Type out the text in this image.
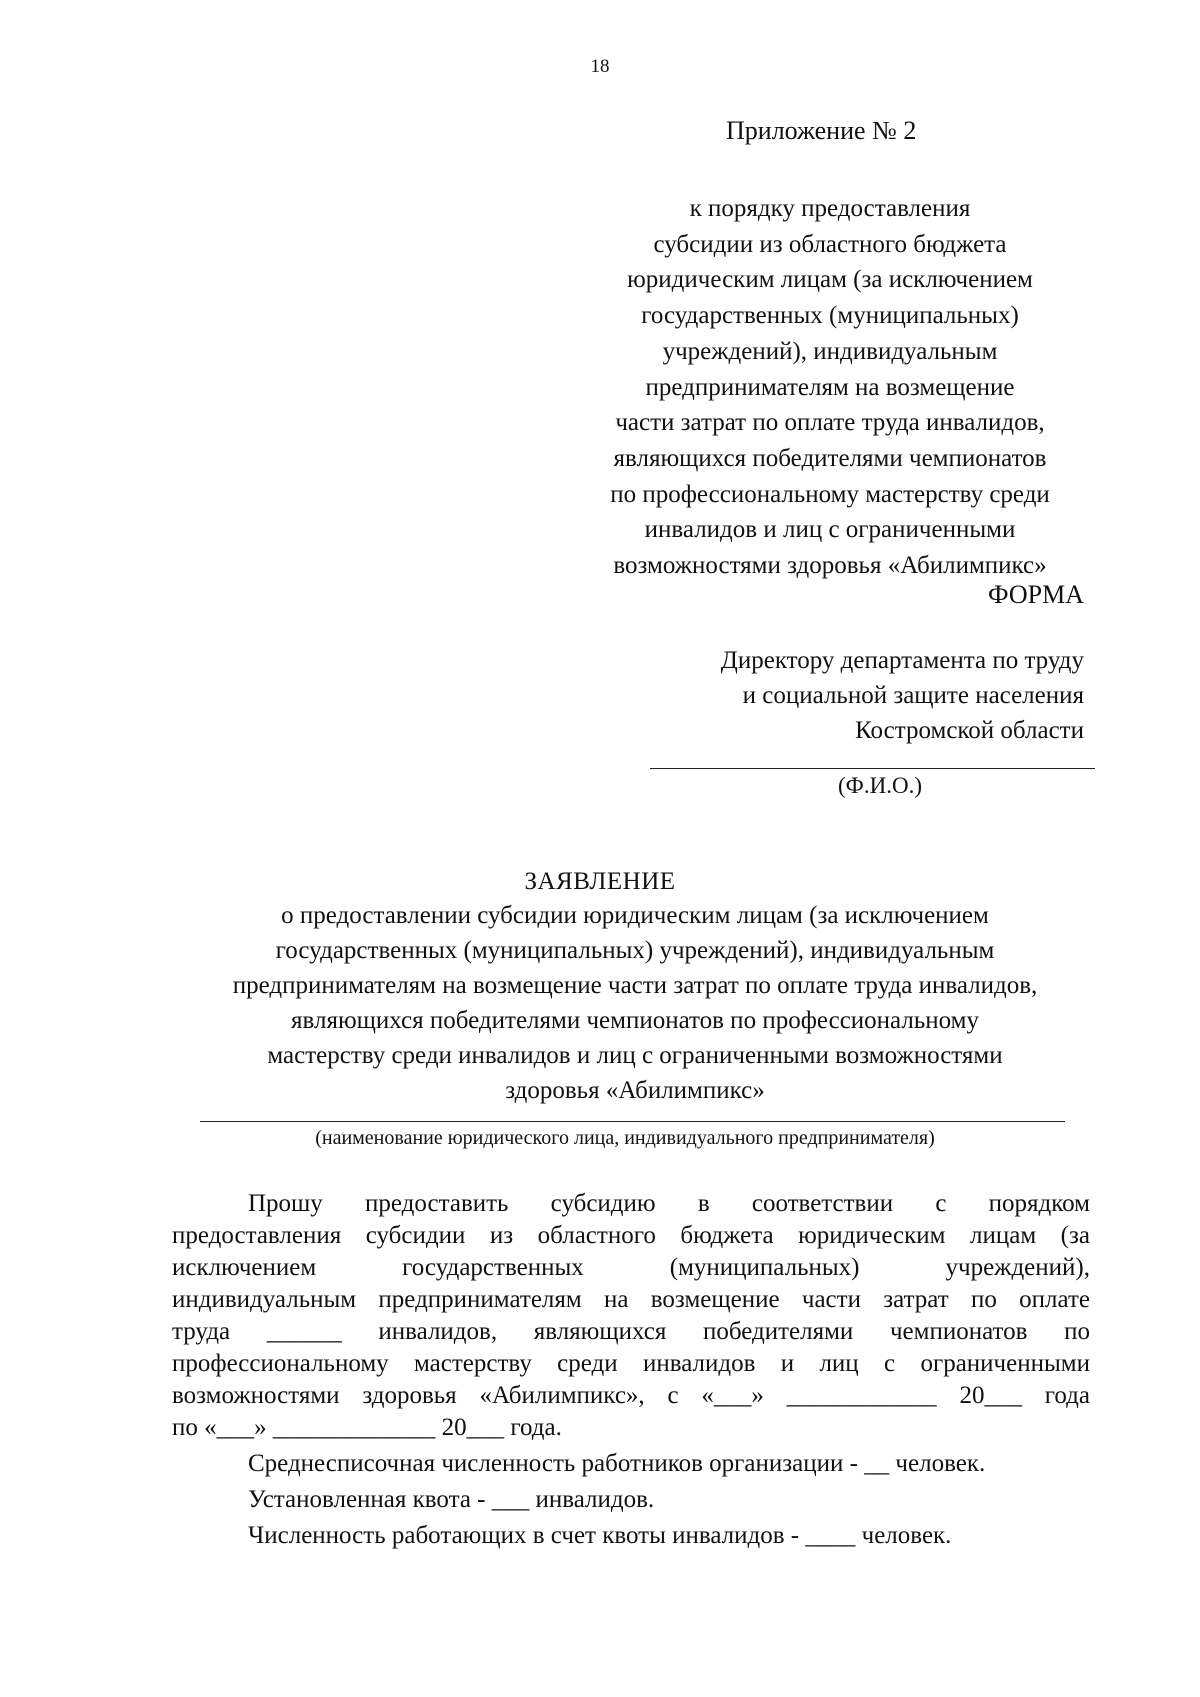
18
Приложение № 2
к порядку предоставления
субсидии из областного бюджета
юридическим лицам (за исключением
государственных (муниципальных)
учреждений), индивидуальным
предпринимателям на возмещение
части затрат по оплате труда инвалидов,
являющихся победителями чемпионатов
по профессиональному мастерству среди
инвалидов и лиц с ограниченными
возможностями здоровья «Абилимпикс»
ФОРМА
Директору департамента по труду
и социальной защите населения
Костромской области
(Ф.И.О.)
ЗАЯВЛЕНИЕ
о предоставлении субсидии юридическим лицам (за исключением
государственных (муниципальных) учреждений), индивидуальным
предпринимателям на возмещение части затрат по оплате труда инвалидов,
являющихся победителями чемпионатов по профессиональному
мастерству среди инвалидов и лиц с ограниченными возможностями
здоровья «Абилимпикс»
(наименование юридического лица, индивидуального предпринимателя)
Прошу предоставить субсидию в соответствии с порядком
предоставления субсидии из областного бюджета юридическим лицам (за
исключением	государственных	(муниципальных)	учреждений),
индивидуальным предпринимателям на возмещение части затрат по оплате
труда ______ инвалидов, являющихся победителями чемпионатов по
профессиональному мастерству среди инвалидов и лиц с ограниченными
возможностями здоровья «Абилимпикс», с «___» ____________ 20___ года
по «___» _____________ 20___ года.
Среднесписочная численность работников организации - __ человек.
Установленная квота - ___ инвалидов.
Численность работающих в счет квоты инвалидов - ____ человек.
